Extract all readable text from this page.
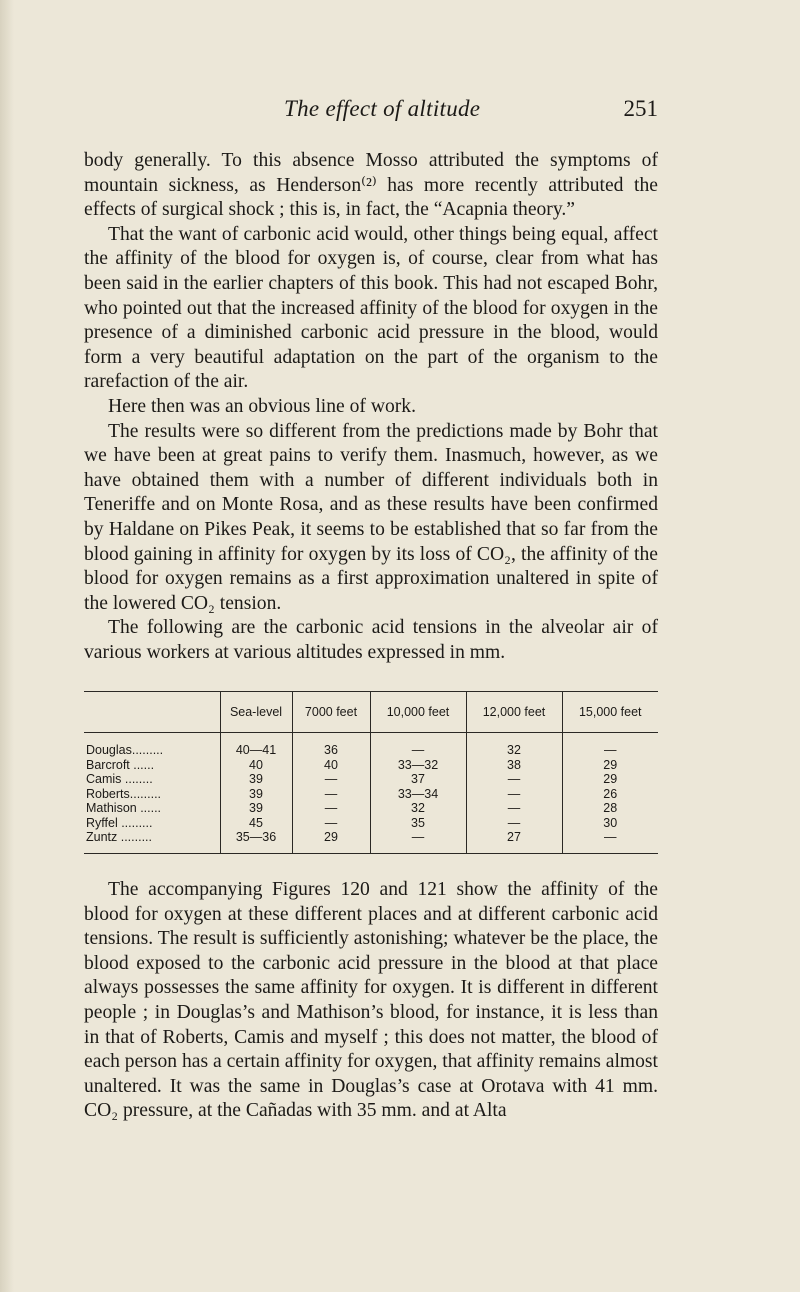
The effect of altitude	251

body generally. To this absence Mosso attributed the symptoms of mountain sickness, as Henderson⁽²⁾ has more recently attributed the effects of surgical shock ; this is, in fact, the “Acapnia theory.”

That the want of carbonic acid would, other things being equal, affect the affinity of the blood for oxygen is, of course, clear from what has been said in the earlier chapters of this book. This had not escaped Bohr, who pointed out that the increased affinity of the blood for oxygen in the presence of a diminished carbonic acid pressure in the blood, would form a very beautiful adaptation on the part of the organism to the rarefaction of the air.

Here then was an obvious line of work.

The results were so different from the predictions made by Bohr that we have been at great pains to verify them. Inasmuch, however, as we have obtained them with a number of different individuals both in Teneriffe and on Monte Rosa, and as these results have been confirmed by Haldane on Pikes Peak, it seems to be established that so far from the blood gaining in affinity for oxygen by its loss of CO₂, the affinity of the blood for oxygen remains as a first approximation unaltered in spite of the lowered CO₂ tension.

The following are the carbonic acid tensions in the alveolar air of various workers at various altitudes expressed in mm.

	Sea-level	7000 feet	10,000 feet	12,000 feet	15,000 feet
Douglas.........	40—41	36	—	32	—
Barcroft ......	40	40	33—32	38	29
Camis ........	39	—	37	—	29
Roberts.........	39	—	33—34	—	26
Mathison ......	39	—	32	—	28
Ryffel .........	45	—	35	—	30
Zuntz .........	35—36	29	—	27	—

The accompanying Figures 120 and 121 show the affinity of the blood for oxygen at these different places and at different carbonic acid tensions. The result is sufficiently astonishing; whatever be the place, the blood exposed to the carbonic acid pressure in the blood at that place always possesses the same affinity for oxygen. It is different in different people ; in Douglas’s and Mathison’s blood, for instance, it is less than in that of Roberts, Camis and myself ; this does not matter, the blood of each person has a certain affinity for oxygen, that affinity remains almost unaltered. It was the same in Douglas’s case at Orotava with 41 mm. CO₂ pressure, at the Cañadas with 35 mm. and at Alta
